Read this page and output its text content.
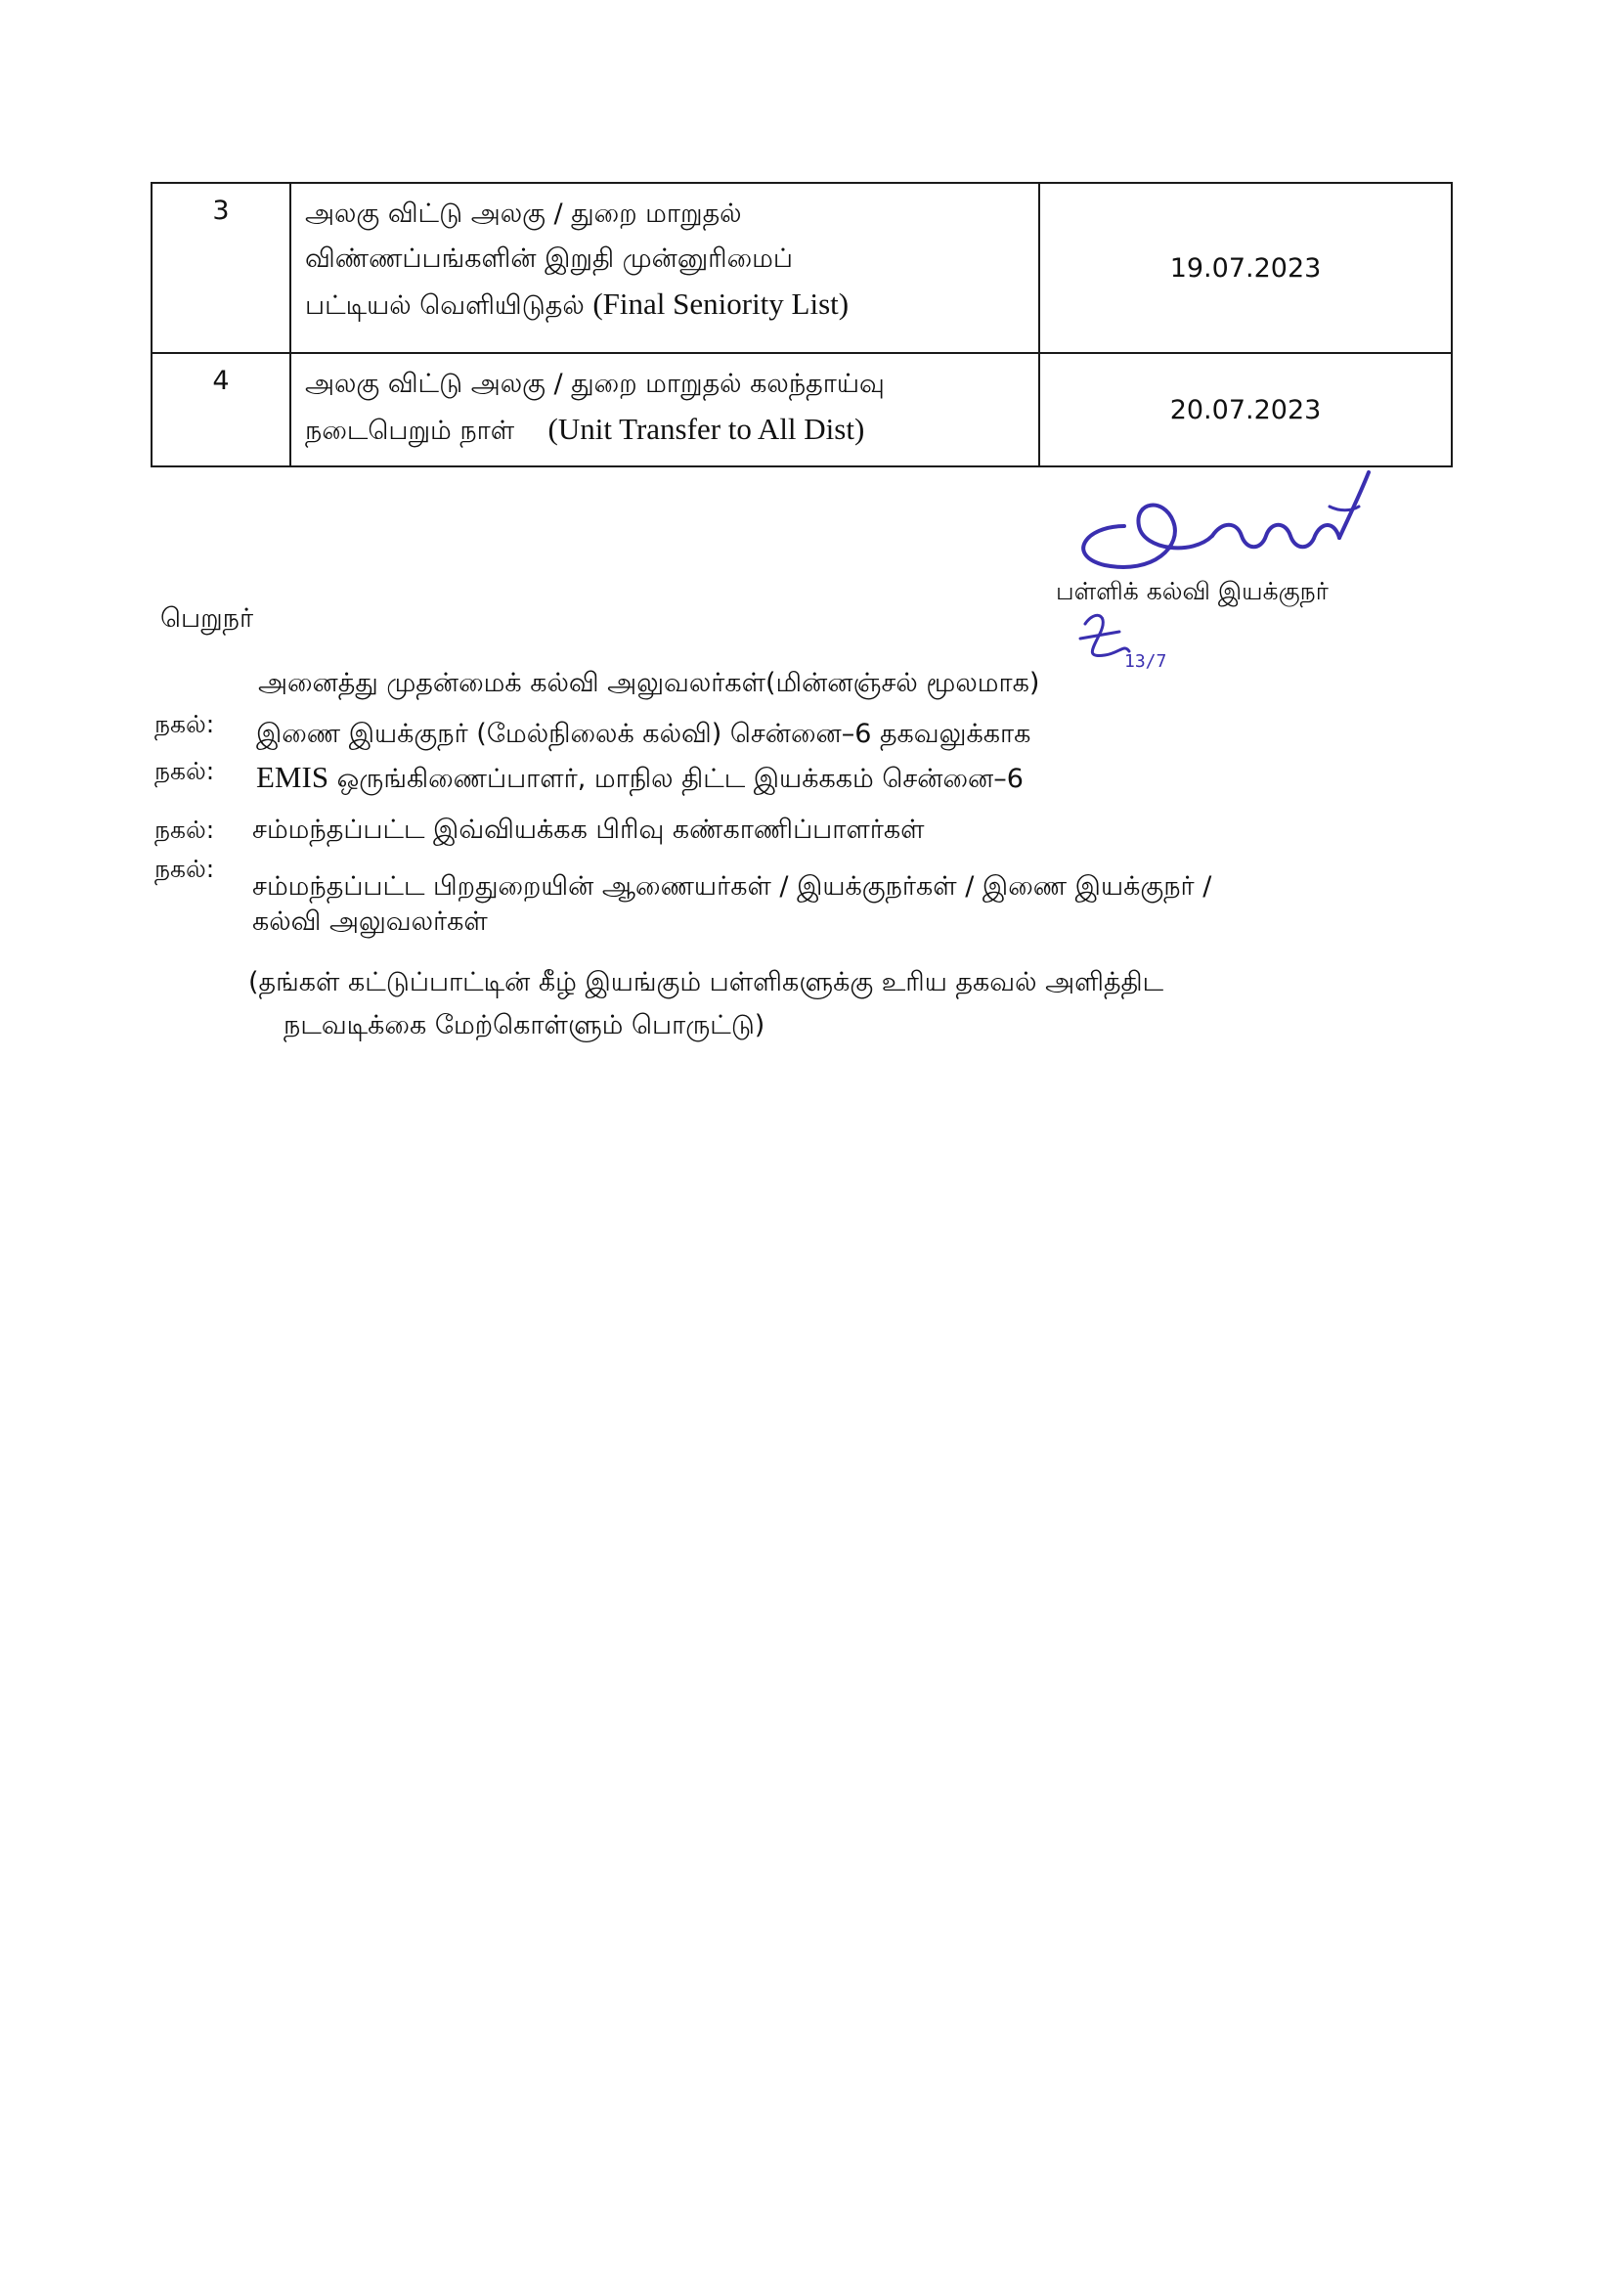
3	அலகு விட்டு அலகு / துறை மாறுதல்
விண்ணப்பங்களின் இறுதி முன்னுரிமைப்
பட்டியல் வெளியிடுதல் (Final Seniority List)	19.07.2023
4	அலகு விட்டு அலகு / துறை மாறுதல் கலந்தாய்வு
நடைபெறும் நாள் (Unit Transfer to All Dist)	20.07.2023
பள்ளிக் கல்வி இயக்குநர்
13/7
பெறுநர்
அனைத்து முதன்மைக் கல்வி அலுவலர்கள்(மின்னஞ்சல் மூலமாக)
நகல்: இணை இயக்குநர் (மேல்நிலைக் கல்வி) சென்னை–6 தகவலுக்காக
நகல்: EMIS ஒருங்கிணைப்பாளர், மாநில திட்ட இயக்ககம் சென்னை–6
நகல்: சம்மந்தப்பட்ட இவ்வியக்கக பிரிவு கண்காணிப்பாளர்கள்
நகல்:
சம்மந்தப்பட்ட பிறதுறையின் ஆணையர்கள் / இயக்குநர்கள் / இணை இயக்குநர் /
கல்வி அலுவலர்கள்
(தங்கள் கட்டுப்பாட்டின் கீழ் இயங்கும் பள்ளிகளுக்கு உரிய தகவல் அளித்திட
நடவடிக்கை மேற்கொள்ளும் பொருட்டு)
